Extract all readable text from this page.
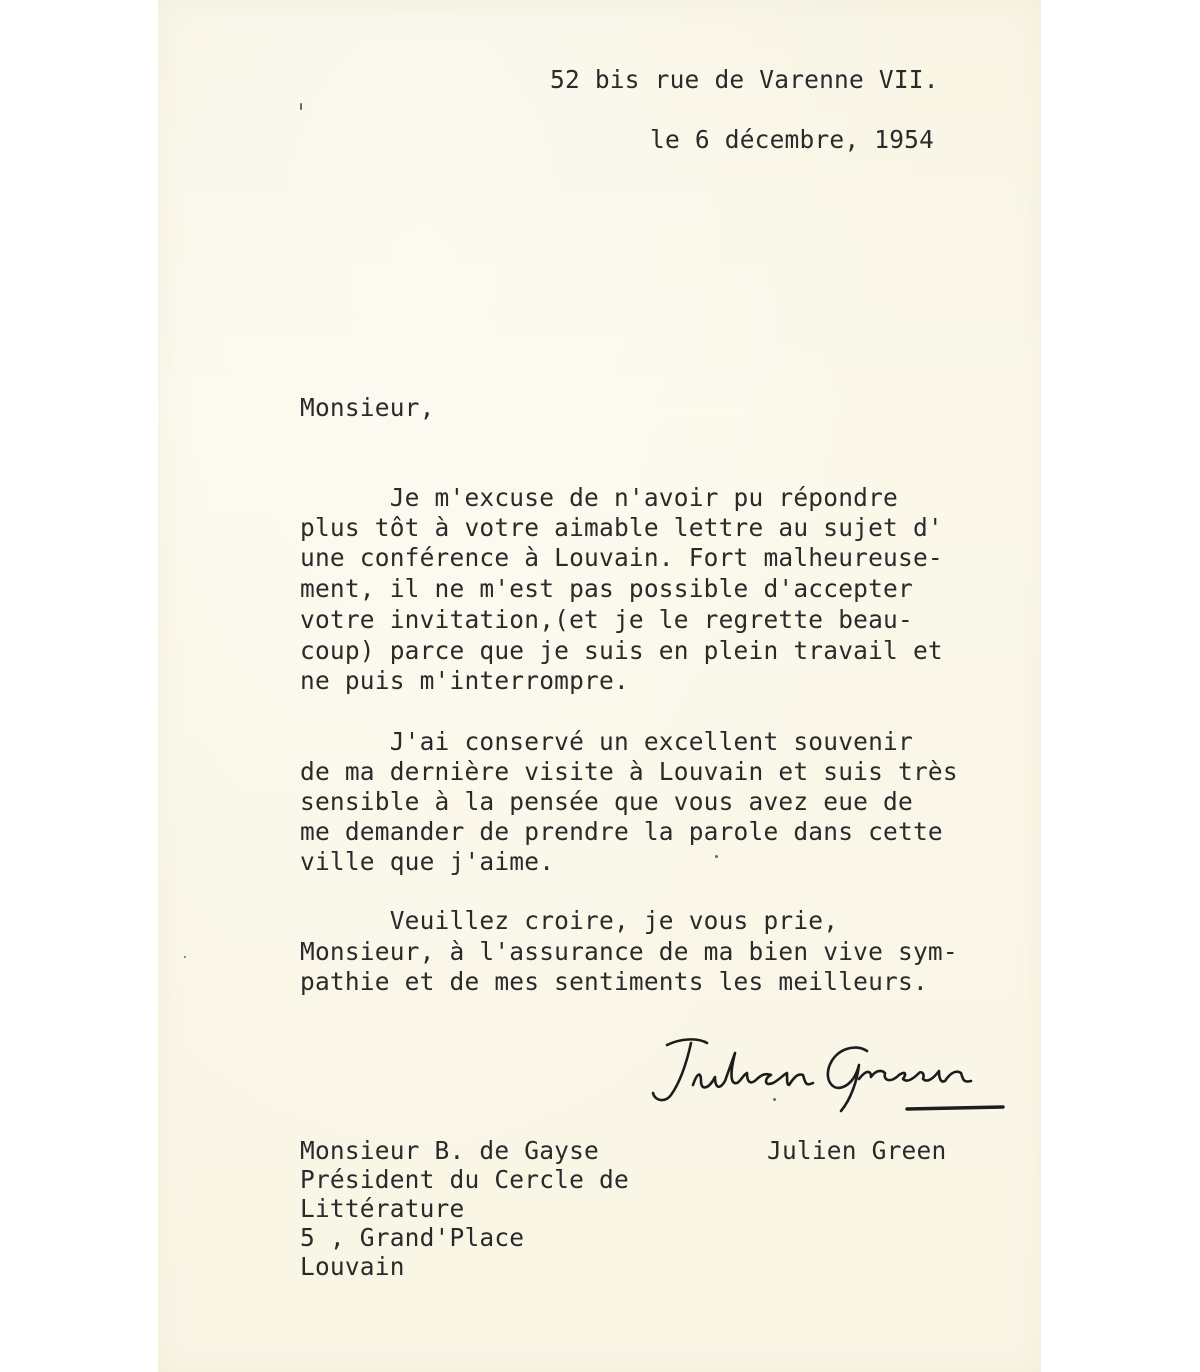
52 bis rue de Varenne VII.

le 6 décembre, 1954

Monsieur,

Je m'excuse de n'avoir pu répondre

plus tôt à votre aimable lettre au sujet d'

une conférence à Louvain. Fort malheureuse-

ment, il ne m'est pas possible d'accepter

votre invitation,(et je le regrette beau-

coup) parce que je suis en plein travail et

ne puis m'interrompre.

J'ai conservé un excellent souvenir

de ma dernière visite à Louvain et suis très

sensible à la pensée que vous avez eue de

me demander de prendre la parole dans cette

ville que j'aime.

Veuillez croire, je vous prie,

Monsieur, à l'assurance de ma bien vive sym-

pathie et de mes sentiments les meilleurs.

Julien Green

Monsieur B. de Gayse

Président du Cercle de

Littérature

5 , Grand'Place

Louvain
